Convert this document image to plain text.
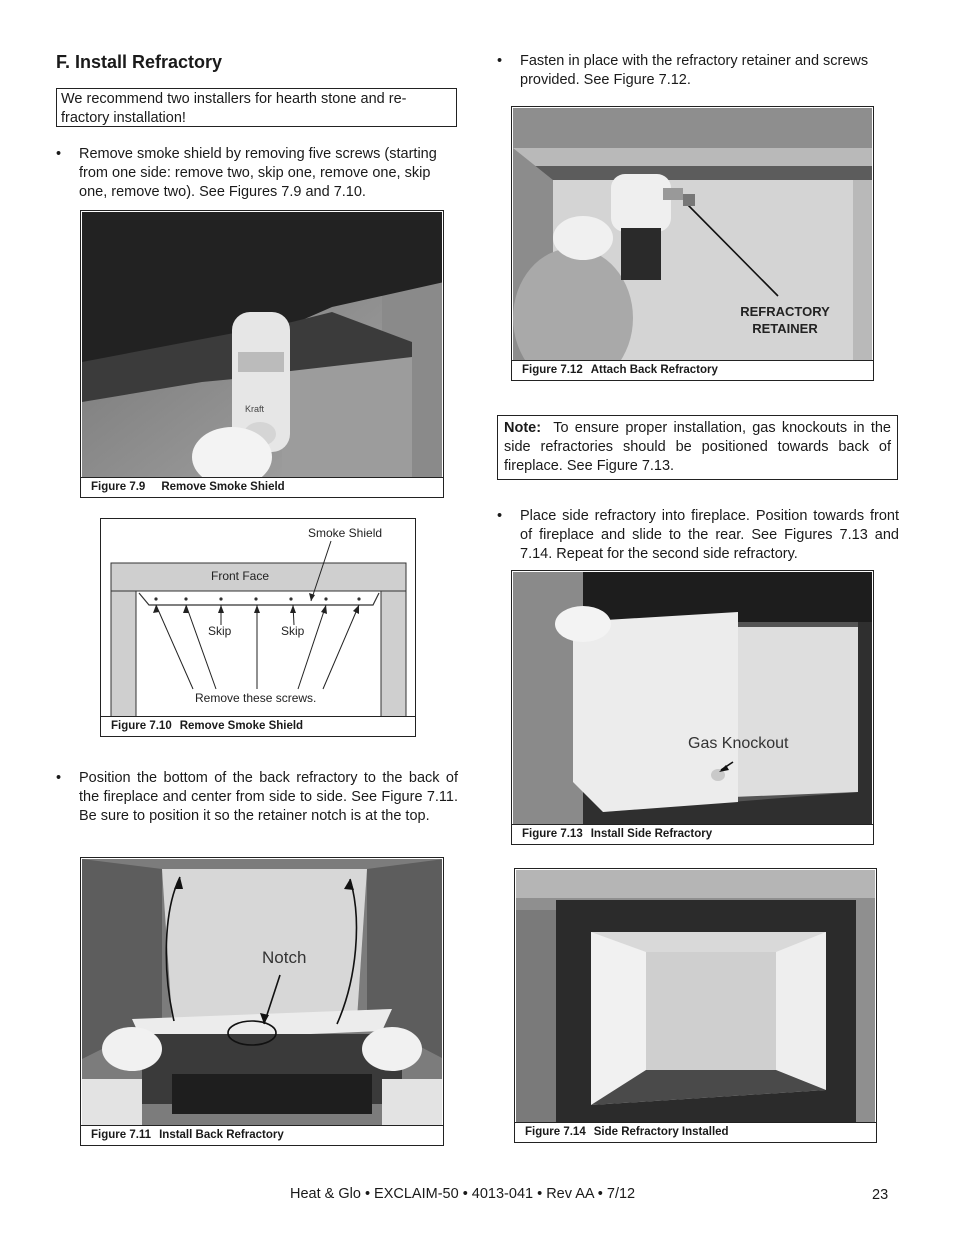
F. Install Refractory
We recommend two installers for hearth stone and re-fractory installation!
• Remove smoke shield by removing five screws (starting from one side: remove two, skip one, remove one, skip one, remove two). See Figures 7.9 and 7.10.
Kraft
Figure 7.9 Remove Smoke Shield
Smoke Shield
Front Face
Skip	Skip
Remove these screws.
Figure 7.10 Remove Smoke Shield
• Position the bottom of the back refractory to the back of the fireplace and center from side to side. See Figure 7.11. Be sure to position it so the retainer notch is at the top.
Notch
Figure 7.11 Install Back Refractory
• Fasten in place with the refractory retainer and screws provided. See Figure 7.12.
REFRACTORY
RETAINER
Figure 7.12 Attach Back Refractory
Note: To ensure proper installation, gas knockouts in the side refractories should be positioned towards back of fireplace. See Figure 7.13.
• Place side refractory into fireplace. Position towards front of fireplace and slide to the rear. See Figures 7.13 and 7.14. Repeat for the second side refractory.
Gas Knockout
Figure 7.13 Install Side Refractory
Figure 7.14 Side Refractory Installed
Heat & Glo • EXCLAIM-50 • 4013-041 • Rev AA • 7/12	23
